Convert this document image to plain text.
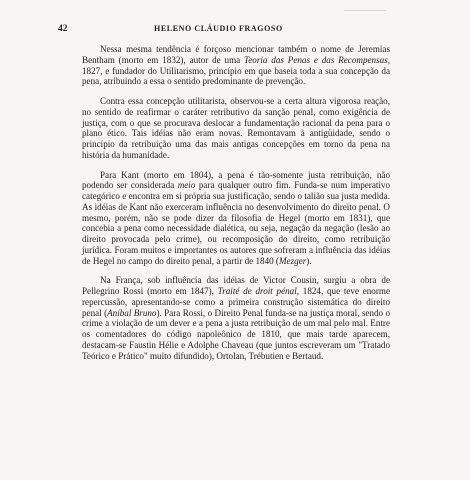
42	HELENO CLÁUDIO FRAGOSO

Nessa mesma tendência é forçoso mencionar também o nome de Jeremias Bentham (morto em 1832), autor de uma Teoria das Penas e das Recompensas, 1827, e fundador do Utilitarismo, princípio em que baseia toda a sua concepção da pena, atribuindo a essa o sentido predominante de prevenção.

Contra essa concepção utilitarista, observou-se a certa altura vigorosa reação, no sentido de reafirmar o caráter retributivo da sanção penal, como exigência de justiça, com o que se procurava deslocar a fundamentação racional da pena para o plano ético. Tais idéias não eram novas. Remontavam à antigüidade, sendo o princípio da retribuição uma das mais antigas concepções em torno da pena na história da humanidade.

Para Kant (morto em 1804), a pena é tão-somente justa retribuição, não podendo ser considerada meio para qualquer outro fim. Funda-se num imperativo categórico e encontra em si própria sua justificação, sendo o talião sua justa medida. As idéias de Kant não exerceram influência no desenvolvimento do direito penal. O mesmo, porém, não se pode dizer da filosofia de Hegel (morto em 1831), que concebia a pena como necessidade dialética, ou seja, negação da negação (lesão ao direito provocada pelo crime), ou recomposição do direito, como retribuição jurídica. Foram muitos e importantes os autores que sofreram a influência das idéias de Hegel no campo do direito penal, a partir de 1840 (Mezger).

Na França, sob influência das idéias de Victor Cousin, surgiu a obra de Pellegrino Rossi (morto em 1847), Traité de droit pénal, 1824, que teve enorme repercussão, apresentando-se como a primeira construção sistemática do direito penal (Aníbal Bruno). Para Rossi, o Direito Penal funda-se na justiça moral, sendo o crime a violação de um dever e a pena a justa retribuição de um mal pelo mal. Entre os comentadores do código napoleônico de 1810, que mais tarde aparecem, destacam-se Faustin Hélie e Adolphe Chaveau (que juntos escreveram um "Tratado Teórico e Prático" muito difundido), Ortolan, Trébutien e Bertaud.
